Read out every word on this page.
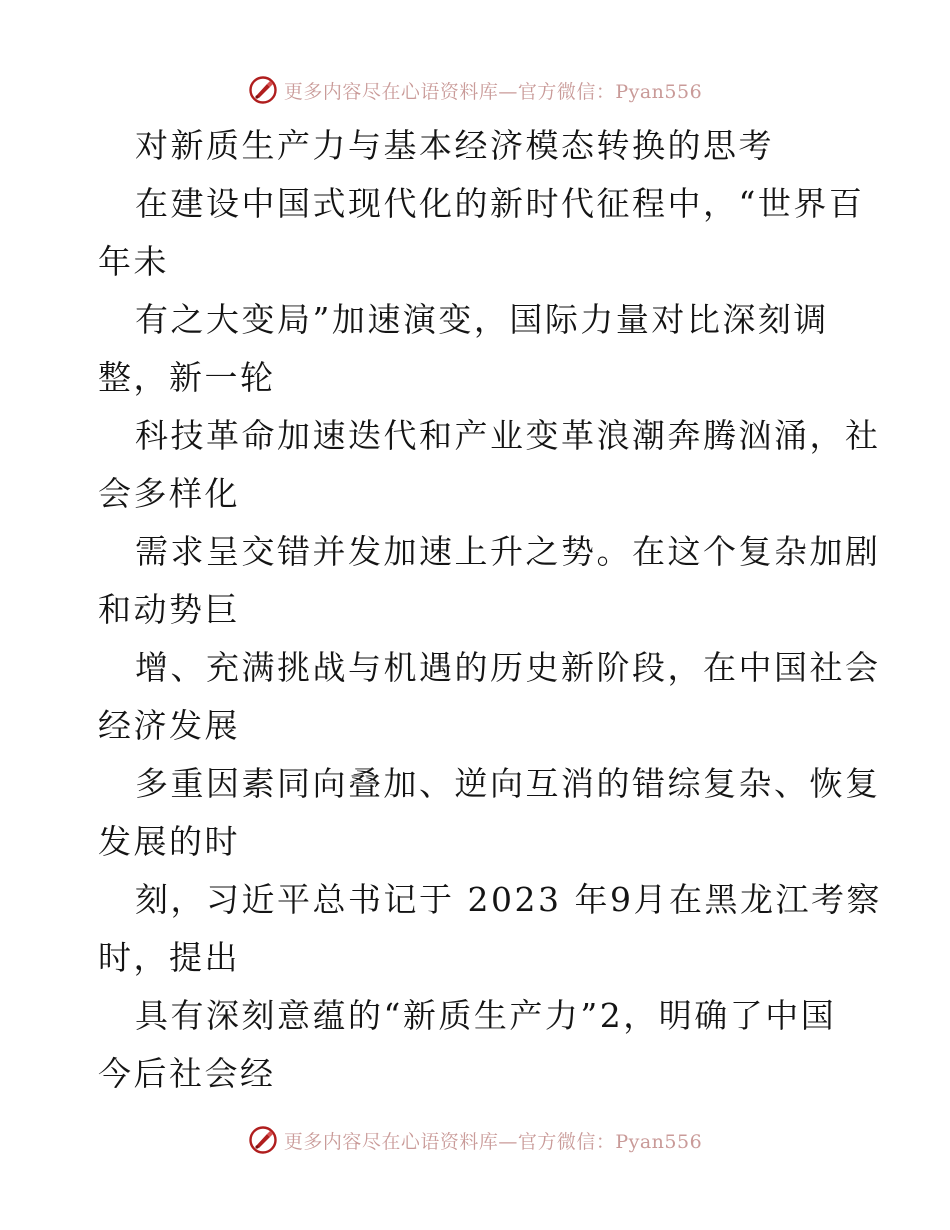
更多内容尽在心语资料库—官方微信：Pyan556
对新质生产力与基本经济模态转换的思考
在建设中国式现代化的新时代征程中，“世界百
年未
有之大变局”加速演变，国际力量对比深刻调
整，新一轮
科技革命加速迭代和产业变革浪潮奔腾汹涌，社
会多样化
需求呈交错并发加速上升之势。在这个复杂加剧
和动势巨
增、充满挑战与机遇的历史新阶段，在中国社会
经济发展
多重因素同向叠加、逆向互消的错综复杂、恢复
发展的时
刻，习近平总书记于 2023 年9月在黑龙江考察
时，提出
具有深刻意蕴的“新质生产力”2，明确了中国
今后社会经
更多内容尽在心语资料库—官方微信：Pyan556
